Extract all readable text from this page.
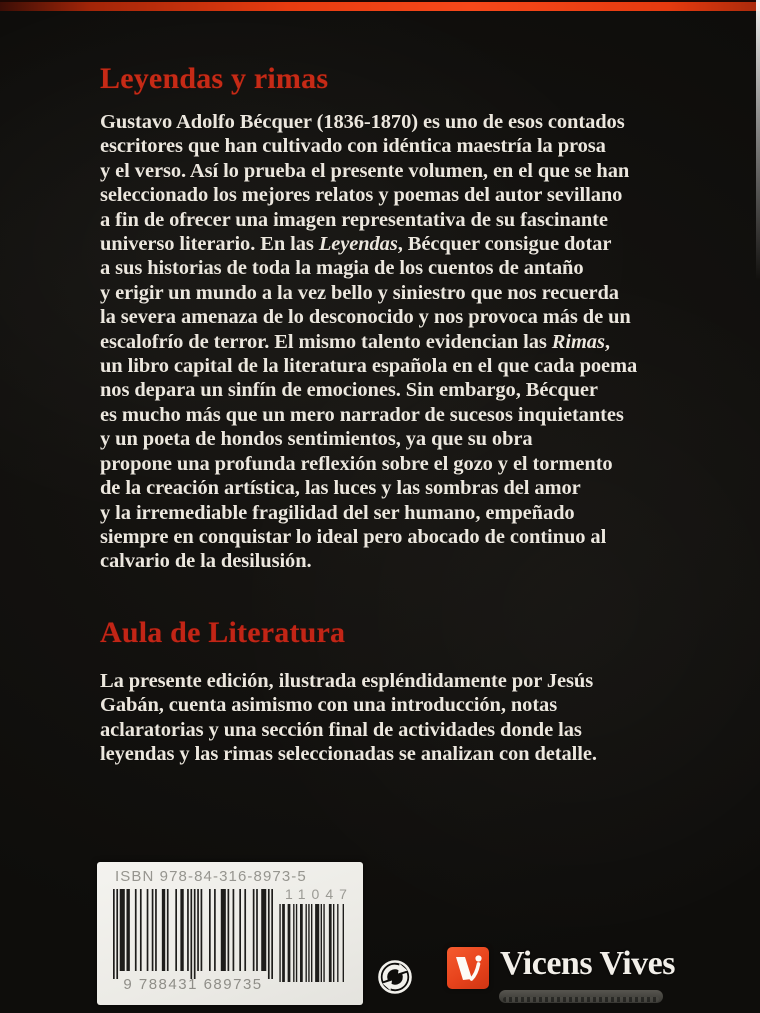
Leyendas y rimas
Gustavo Adolfo Bécquer (1836-1870) es uno de esos contados
escritores que han cultivado con idéntica maestría la prosa
y el verso. Así lo prueba el presente volumen, en el que se han
seleccionado los mejores relatos y poemas del autor sevillano
a fin de ofrecer una imagen representativa de su fascinante
universo literario. En las Leyendas, Bécquer consigue dotar
a sus historias de toda la magia de los cuentos de antaño
y erigir un mundo a la vez bello y siniestro que nos recuerda
la severa amenaza de lo desconocido y nos provoca más de un
escalofrío de terror. El mismo talento evidencian las Rimas,
un libro capital de la literatura española en el que cada poema
nos depara un sinfín de emociones. Sin embargo, Bécquer
es mucho más que un mero narrador de sucesos inquietantes
y un poeta de hondos sentimientos, ya que su obra
propone una profunda reflexión sobre el gozo y el tormento
de la creación artística, las luces y las sombras del amor
y la irremediable fragilidad del ser humano, empeñado
siempre en conquistar lo ideal pero abocado de continuo al
calvario de la desilusión.
Aula de Literatura
La presente edición, ilustrada espléndidamente por Jesús
Gabán, cuenta asimismo con una introducción, notas
aclaratorias y una sección final de actividades donde las
leyendas y las rimas seleccionadas se analizan con detalle.
ISBN 978-84-316-8973-5
9 788431 689735
11047
Vicens Vives
